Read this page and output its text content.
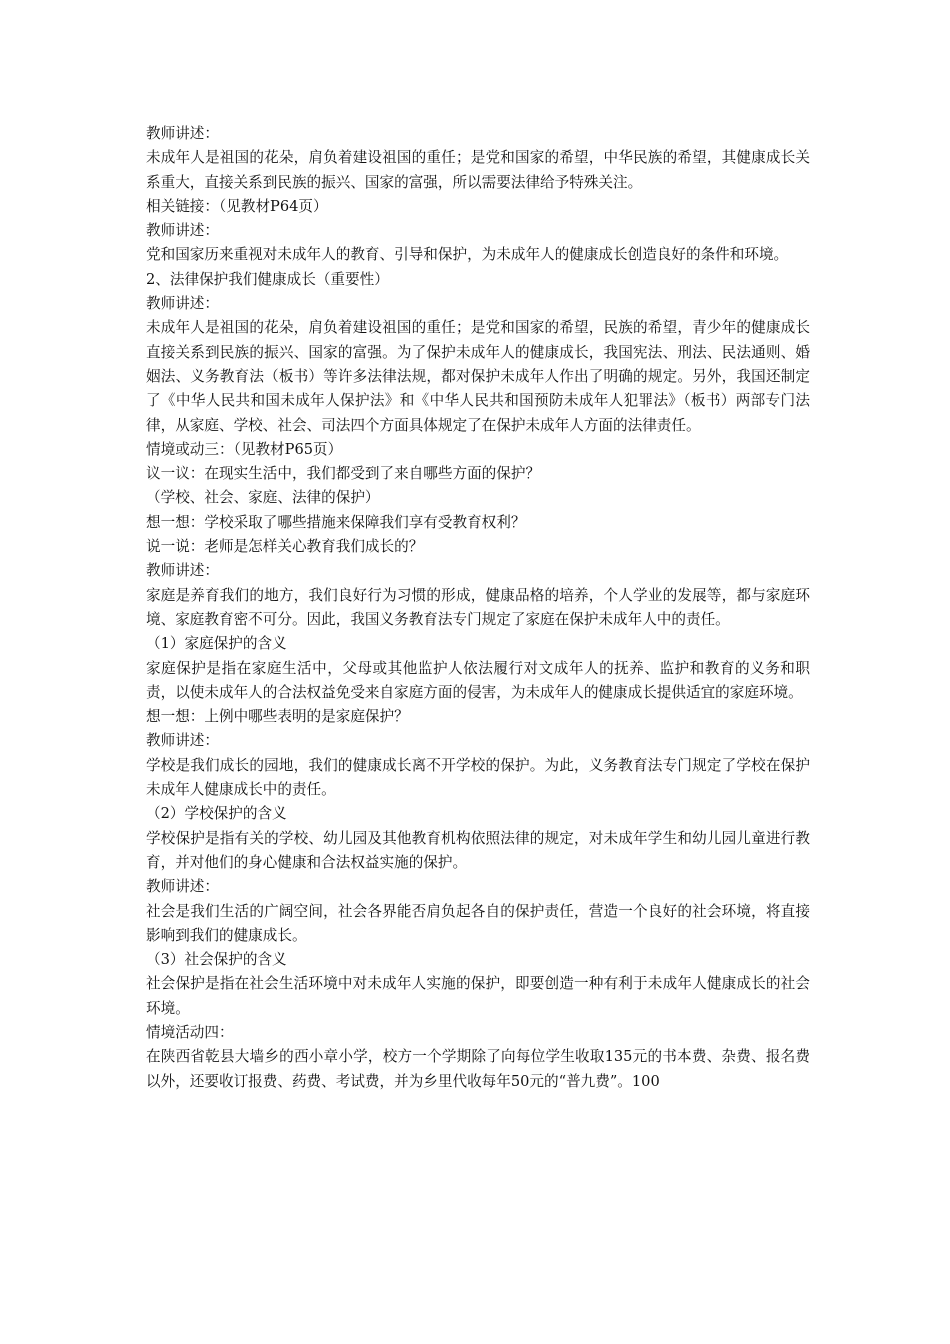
教师讲述：

未成年人是祖国的花朵，肩负着建设祖国的重任；是党和国家的希望，中华民族的希望，其健康成长关系重大，直接关系到民族的振兴、国家的富强，所以需要法律给予特殊关注。

相关链接：（见教材P64页）

教师讲述：

党和国家历来重视对未成年人的教育、引导和保护，为未成年人的健康成长创造良好的条件和环境。

2、法律保护我们健康成长（重要性）

教师讲述：

未成年人是祖国的花朵，肩负着建设祖国的重任；是党和国家的希望，民族的希望，青少年的健康成长直接关系到民族的振兴、国家的富强。为了保护未成年人的健康成长，我国宪法、刑法、民法通则、婚姻法、义务教育法（板书）等许多法律法规，都对保护未成年人作出了明确的规定。另外，我国还制定了《中华人民共和国未成年人保护法》和《中华人民共和国预防未成年人犯罪法》（板书）两部专门法律，从家庭、学校、社会、司法四个方面具体规定了在保护未成年人方面的法律责任。

情境或动三：（见教材P65页）

议一议：在现实生活中，我们都受到了来自哪些方面的保护？

（学校、社会、家庭、法律的保护）

想一想：学校采取了哪些措施来保障我们享有受教育权利？

说一说：老师是怎样关心教育我们成长的？

教师讲述：

家庭是养育我们的地方，我们良好行为习惯的形成，健康品格的培养，个人学业的发展等，都与家庭环境、家庭教育密不可分。因此，我国义务教育法专门规定了家庭在保护未成年人中的责任。

（1）家庭保护的含义

家庭保护是指在家庭生活中，父母或其他监护人依法履行对文成年人的抚养、监护和教育的义务和职责，以使未成年人的合法权益免受来自家庭方面的侵害，为未成年人的健康成长提供适宜的家庭环境。

想一想：上例中哪些表明的是家庭保护？

教师讲述：

学校是我们成长的园地，我们的健康成长离不开学校的保护。为此，义务教育法专门规定了学校在保护未成年人健康成长中的责任。

（2）学校保护的含义

学校保护是指有关的学校、幼儿园及其他教育机构依照法律的规定，对未成年学生和幼儿园儿童进行教育，并对他们的身心健康和合法权益实施的保护。

教师讲述：

社会是我们生活的广阔空间，社会各界能否肩负起各自的保护责任，营造一个良好的社会环境，将直接影响到我们的健康成长。

（3）社会保护的含义

社会保护是指在社会生活环境中对未成年人实施的保护，即要创造一种有利于未成年人健康成长的社会环境。

情境活动四：

在陕西省乾县大墙乡的西小章小学，校方一个学期除了向每位学生收取135元的书本费、杂费、报名费以外，还要收订报费、药费、考试费，并为乡里代收每年50元的“普九费”。100
